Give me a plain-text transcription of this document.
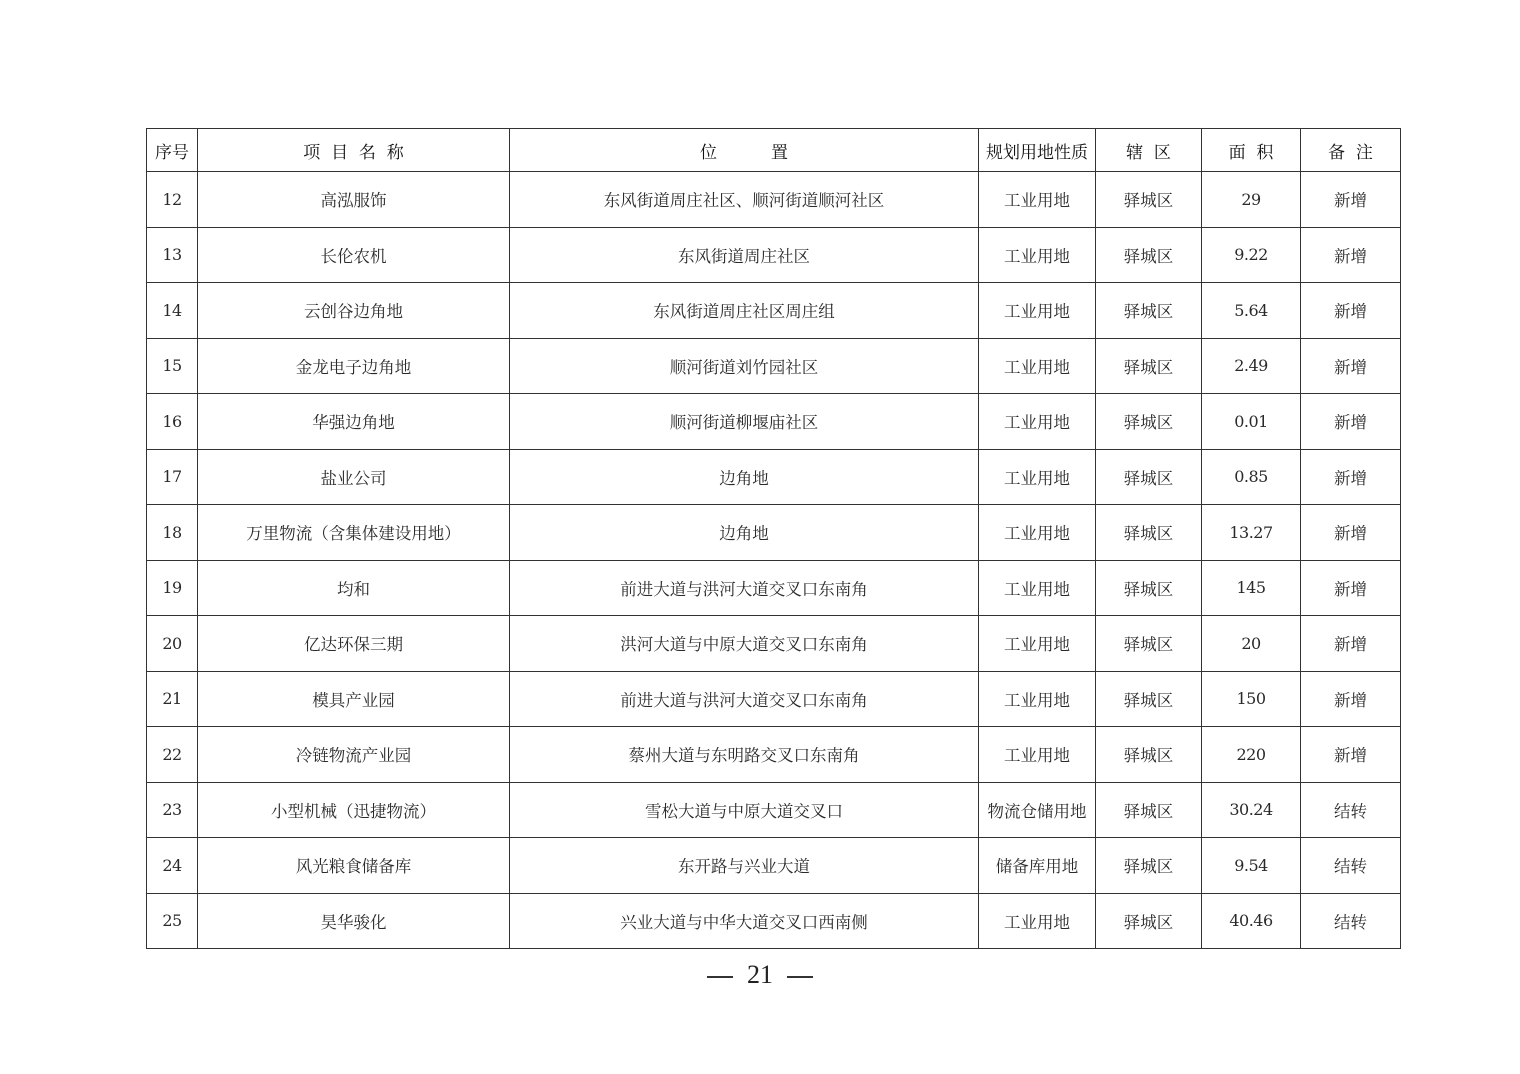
序号	项  目  名  称	位          置	规划用地性质	辖  区	面  积	备  注
12	高泓服饰	东风街道周庄社区、顺河街道顺河社区	工业用地	驿城区	29	新增
13	长伦农机	东风街道周庄社区	工业用地	驿城区	9.22	新增
14	云创谷边角地	东风街道周庄社区周庄组	工业用地	驿城区	5.64	新增
15	金龙电子边角地	顺河街道刘竹园社区	工业用地	驿城区	2.49	新增
16	华强边角地	顺河街道柳堰庙社区	工业用地	驿城区	0.01	新增
17	盐业公司	边角地	工业用地	驿城区	0.85	新增
18	万里物流（含集体建设用地）	边角地	工业用地	驿城区	13.27	新增
19	均和	前进大道与洪河大道交叉口东南角	工业用地	驿城区	145	新增
20	亿达环保三期	洪河大道与中原大道交叉口东南角	工业用地	驿城区	20	新增
21	模具产业园	前进大道与洪河大道交叉口东南角	工业用地	驿城区	150	新增
22	冷链物流产业园	蔡州大道与东明路交叉口东南角	工业用地	驿城区	220	新增
23	小型机械（迅捷物流）	雪松大道与中原大道交叉口	物流仓储用地	驿城区	30.24	结转
24	风光粮食储备库	东开路与兴业大道	储备库用地	驿城区	9.54	结转
25	昊华骏化	兴业大道与中华大道交叉口西南侧	工业用地	驿城区	40.46	结转
21
